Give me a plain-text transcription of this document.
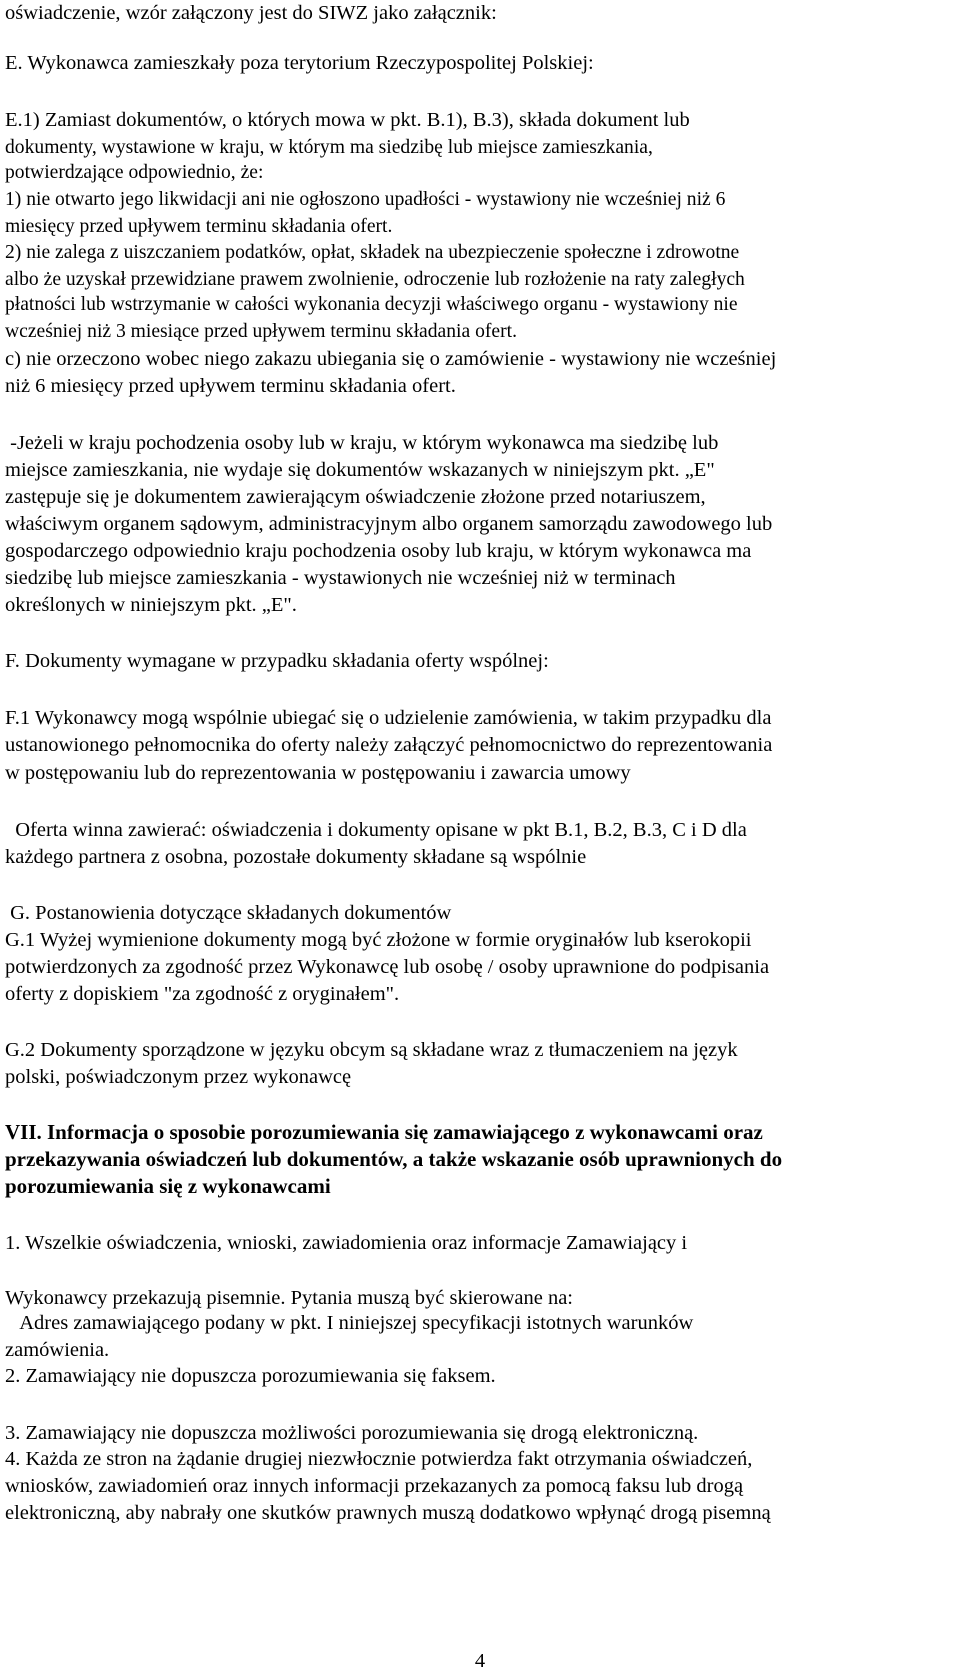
oświadczenie, wzór załączony jest do SIWZ jako załącznik:
E. Wykonawca zamieszkały poza terytorium Rzeczypospolitej Polskiej:
E.1) Zamiast dokumentów, o których mowa w pkt. B.1), B.3), składa dokument lub
dokumenty, wystawione w kraju, w którym ma siedzibę lub miejsce zamieszkania,
potwierdzające odpowiednio, że:
1) nie otwarto jego likwidacji ani nie ogłoszono upadłości - wystawiony nie wcześniej niż 6
miesięcy przed upływem terminu składania ofert.
2) nie zalega z uiszczaniem podatków, opłat, składek na ubezpieczenie społeczne i zdrowotne
albo że uzyskał przewidziane prawem zwolnienie, odroczenie lub rozłożenie na raty zaległych
płatności lub wstrzymanie w całości wykonania decyzji właściwego organu - wystawiony nie
wcześniej niż 3 miesiące przed upływem terminu składania ofert.
c) nie orzeczono wobec niego zakazu ubiegania się o zamówienie - wystawiony nie wcześniej
niż 6 miesięcy przed upływem terminu składania ofert.
-Jeżeli w kraju pochodzenia osoby lub w kraju, w którym wykonawca ma siedzibę lub
miejsce zamieszkania, nie wydaje się dokumentów wskazanych w niniejszym pkt. „E"
zastępuje się je dokumentem zawierającym oświadczenie złożone przed notariuszem,
właściwym organem sądowym, administracyjnym albo organem samorządu zawodowego lub
gospodarczego odpowiednio kraju pochodzenia osoby lub kraju, w którym wykonawca ma
siedzibę lub miejsce zamieszkania - wystawionych nie wcześniej niż w terminach
określonych w niniejszym pkt. „E".
F. Dokumenty wymagane w przypadku składania oferty wspólnej:
F.1 Wykonawcy mogą wspólnie ubiegać się o udzielenie zamówienia, w takim przypadku dla
ustanowionego pełnomocnika do oferty należy załączyć pełnomocnictwo do reprezentowania
w postępowaniu lub do reprezentowania w postępowaniu i zawarcia umowy
Oferta winna zawierać: oświadczenia i dokumenty opisane w pkt B.1, B.2, B.3, C i D dla
każdego partnera z osobna, pozostałe dokumenty składane są wspólnie
G. Postanowienia dotyczące składanych dokumentów
G.1 Wyżej wymienione dokumenty mogą być złożone w formie oryginałów lub kserokopii
potwierdzonych za zgodność przez Wykonawcę lub osobę / osoby uprawnione do podpisania
oferty z dopiskiem "za zgodność z oryginałem".
G.2 Dokumenty sporządzone w języku obcym są składane wraz z tłumaczeniem na język
polski, poświadczonym przez wykonawcę
VII. Informacja o sposobie porozumiewania się zamawiającego z wykonawcami oraz
przekazywania oświadczeń lub dokumentów, a także wskazanie osób uprawnionych do
porozumiewania się z wykonawcami
1. Wszelkie oświadczenia, wnioski, zawiadomienia oraz informacje Zamawiający i
Wykonawcy przekazują pisemnie. Pytania muszą być skierowane na:
Adres zamawiającego podany w pkt. I niniejszej specyfikacji istotnych warunków
zamówienia.
2. Zamawiający nie dopuszcza porozumiewania się faksem.
3. Zamawiający nie dopuszcza możliwości porozumiewania się drogą elektroniczną.
4. Każda ze stron na żądanie drugiej niezwłocznie potwierdza fakt otrzymania oświadczeń,
wniosków, zawiadomień oraz innych informacji przekazanych za pomocą faksu lub drogą
elektroniczną, aby nabrały one skutków prawnych muszą dodatkowo wpłynąć drogą pisemną
4
